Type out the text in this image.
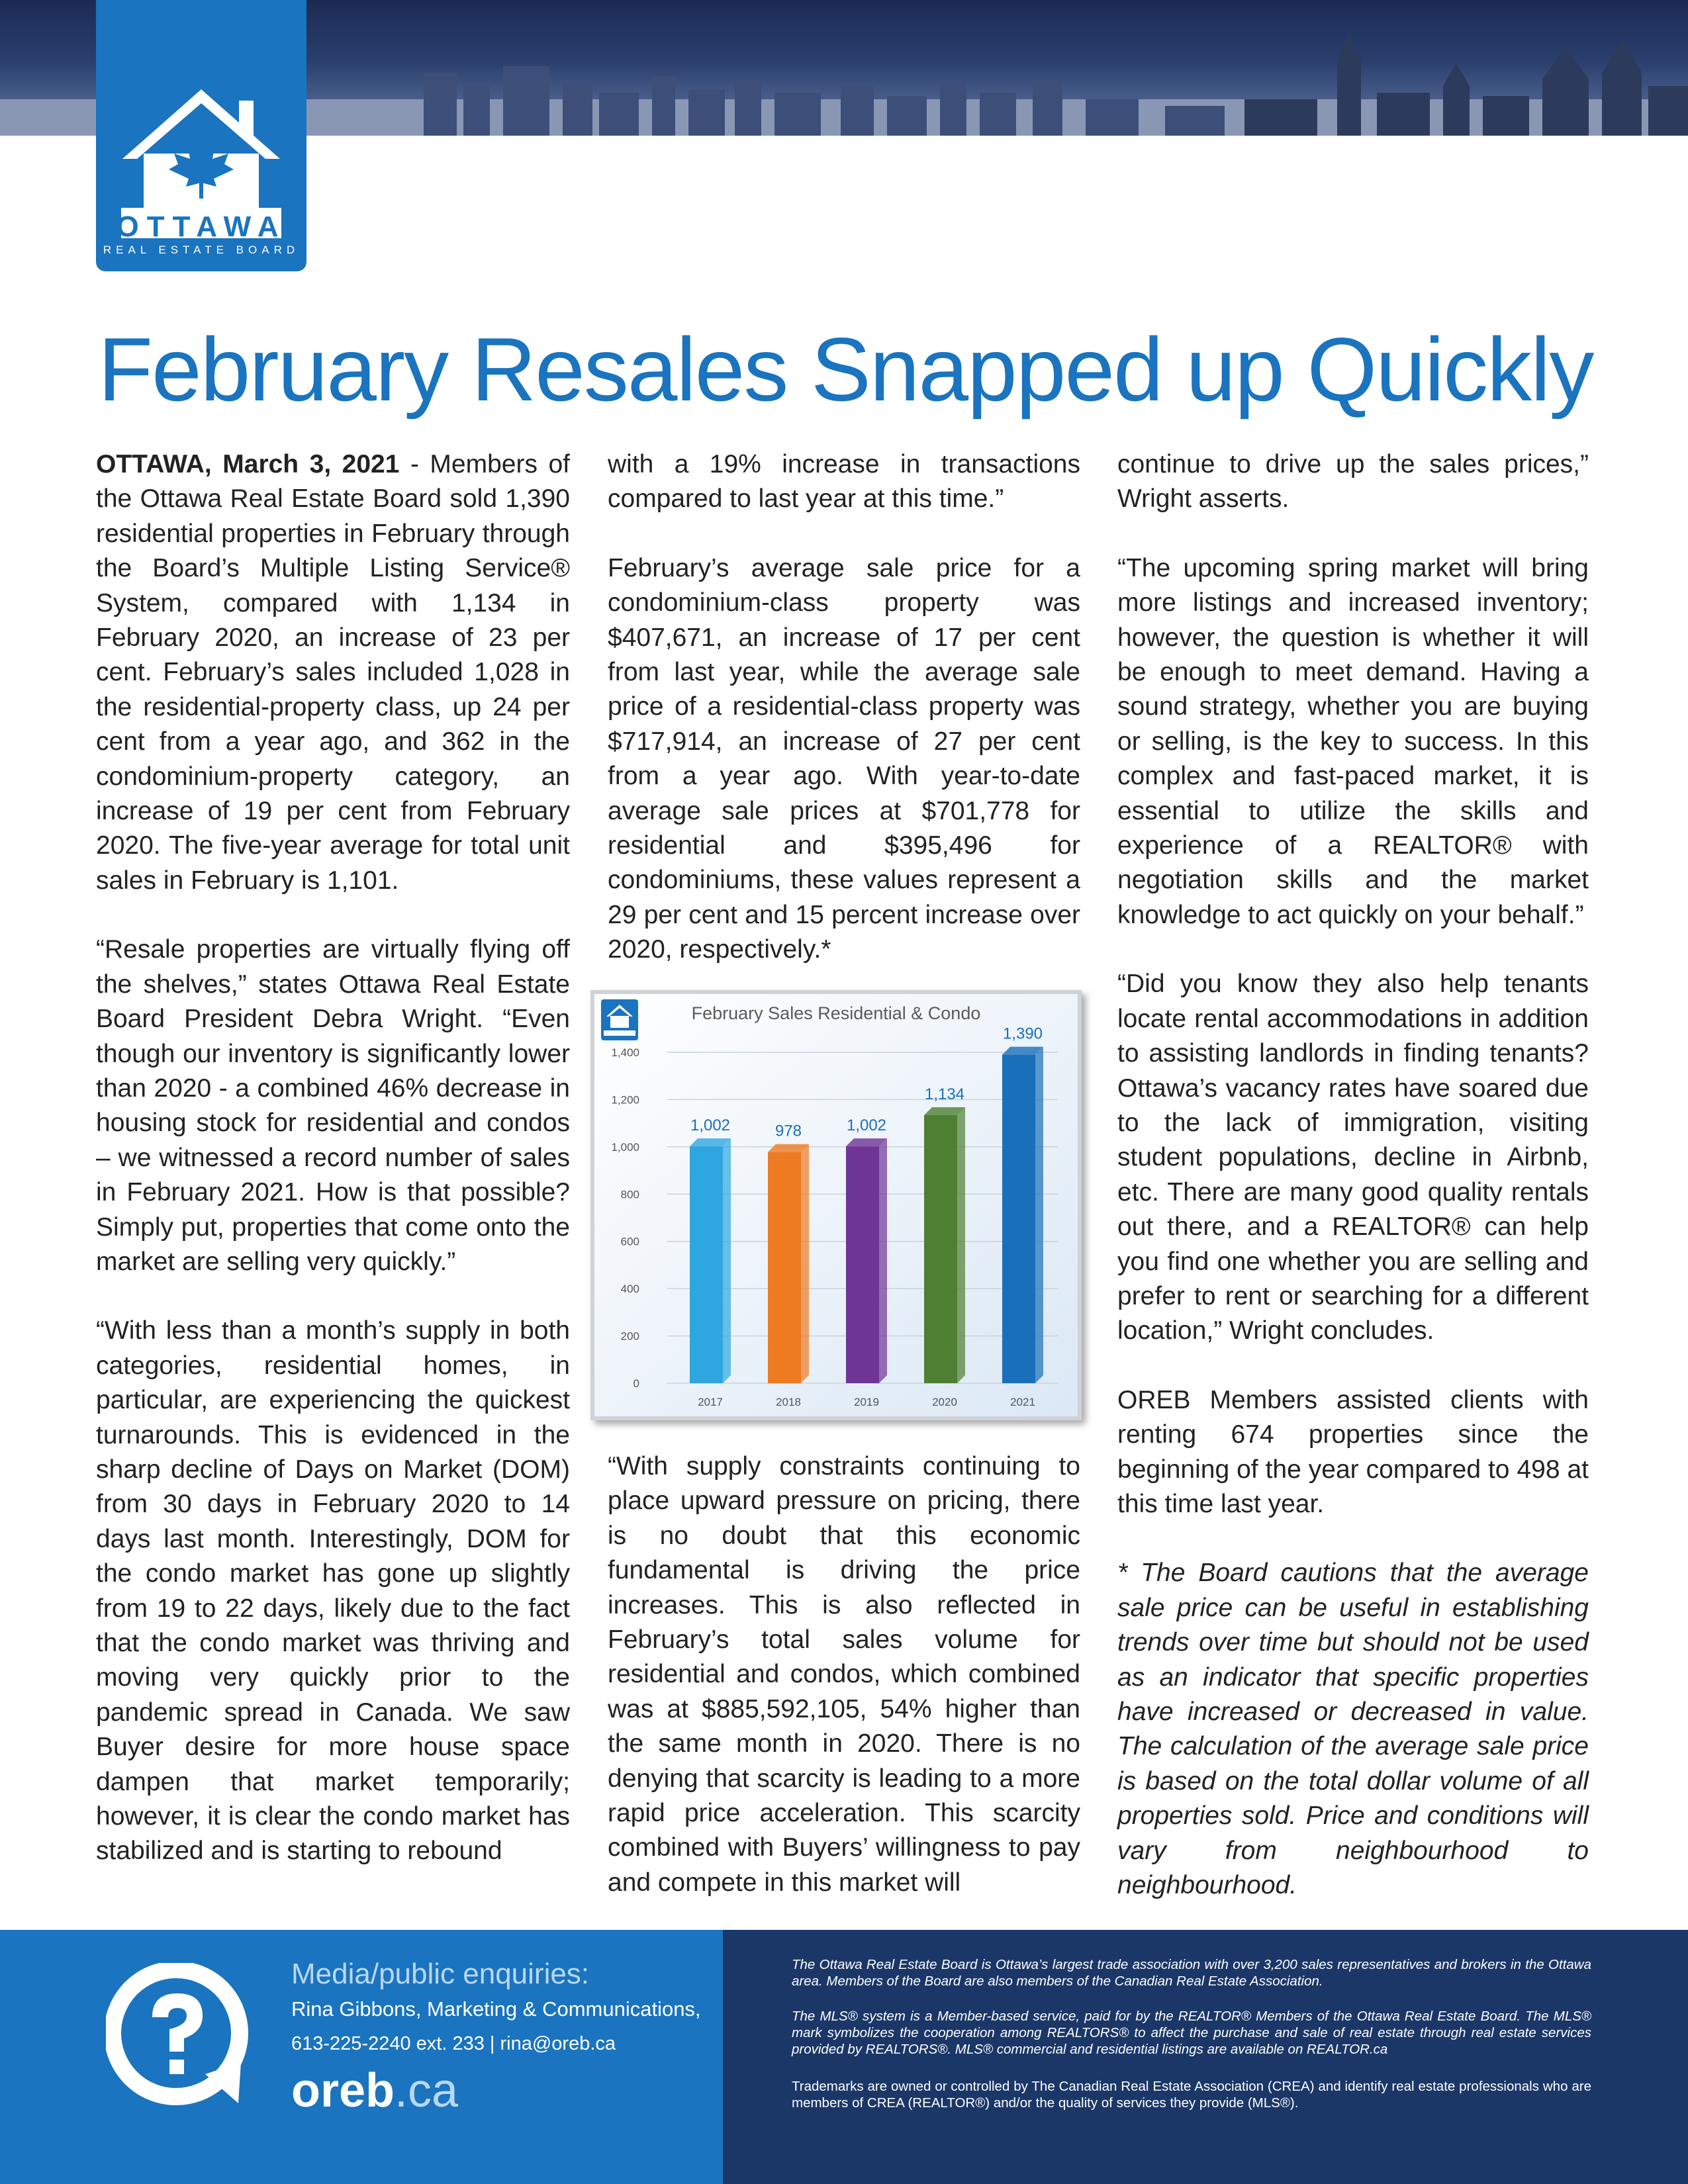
OTTAWA
REAL ESTATE BOARD
February Resales Snapped up Quickly

OTTAWA, March 3, 2021 - Members of the Ottawa Real Estate Board sold 1,390 residential properties in February through the Board’s Multiple Listing Service® System, compared with 1,134 in February 2020, an increase of 23 per cent. February’s sales included 1,028 in the residential-property class, up 24 per cent from a year ago, and 362 in the condominium-property category, an increase of 19 per cent from February 2020. The five-year average for total unit sales in February is 1,101.

“Resale properties are virtually flying off the shelves,” states Ottawa Real Estate Board President Debra Wright. “Even though our inventory is significantly lower than 2020 - a combined 46% decrease in housing stock for residential and condos – we witnessed a record number of sales in February 2021. How is that possible? Simply put, properties that come onto the market are selling very quickly.”

“With less than a month’s supply in both categories, residential homes, in particular, are experiencing the quickest turnarounds. This is evidenced in the sharp decline of Days on Market (DOM) from 30 days in February 2020 to 14 days last month. Interestingly, DOM for the condo market has gone up slightly from 19 to 22 days, likely due to the fact that the condo market was thriving and moving very quickly prior to the pandemic spread in Canada. We saw Buyer desire for more house space dampen that market temporarily; however, it is clear the condo market has stabilized and is starting to rebound

with a 19% increase in transactions compared to last year at this time.”

February’s average sale price for a condominium-class property was $407,671, an increase of 17 per cent from last year, while the average sale price of a residential-class property was $717,914, an increase of 27 per cent from a year ago. With year-to-date average sale prices at $701,778 for residential and $395,496 for condominiums, these values represent a 29 per cent and 15 percent increase over 2020, respectively.*

“With supply constraints continuing to place upward pressure on pricing, there is no doubt that this economic fundamental is driving the price increases. This is also reflected in February’s total sales volume for residential and condos, which combined was at $885,592,105, 54% higher than the same month in 2020. There is no denying that scarcity is leading to a more rapid price acceleration. This scarcity combined with Buyers’ willingness to pay and compete in this market will

continue to drive up the sales prices,” Wright asserts.

“The upcoming spring market will bring more listings and increased inventory; however, the question is whether it will be enough to meet demand. Having a sound strategy, whether you are buying or selling, is the key to success. In this complex and fast-paced market, it is essential to utilize the skills and experience of a REALTOR® with negotiation skills and the market knowledge to act quickly on your behalf.”

“Did you know they also help tenants locate rental accommodations in addition to assisting landlords in finding tenants? Ottawa’s vacancy rates have soared due to the lack of immigration, visiting student populations, decline in Airbnb, etc. There are many good quality rentals out there, and a REALTOR® can help you find one whether you are selling and prefer to rent or searching for a different location,” Wright concludes.

OREB Members assisted clients with renting 674 properties since the beginning of the year compared to 498 at this time last year.

* The Board cautions that the average sale price can be useful in establishing trends over time but should not be used as an indicator that specific properties have increased or decreased in value. The calculation of the average sale price is based on the total dollar volume of all properties sold. Price and conditions will vary from neighbourhood to neighbourhood.

February Sales Residential & Condo
0
200
400
600
800
1,000
1,200
1,400
1,002	978	1,002
1,134
1,390
2017	2018	2019	2020	2021
Media/public enquiries:
Rina Gibbons, Marketing & Communications,
613-225-2240 ext. 233 | rina@oreb.ca
oreb.ca
The Ottawa Real Estate Board is Ottawa’s largest trade association with over 3,200 sales representatives and brokers in the Ottawa area. Members of the Board are also members of the Canadian Real Estate Association.
The MLS® system is a Member-based service, paid for by the REALTOR® Members of the Ottawa Real Estate Board. The MLS® mark symbolizes the cooperation among REALTORS® to affect the purchase and sale of real estate through real estate services provided by REALTORS®. MLS® commercial and residential listings are available on REALTOR.ca
Trademarks are owned or controlled by The Canadian Real Estate Association (CREA) and identify real estate professionals who are members of CREA (REALTOR®) and/or the quality of services they provide (MLS®).
